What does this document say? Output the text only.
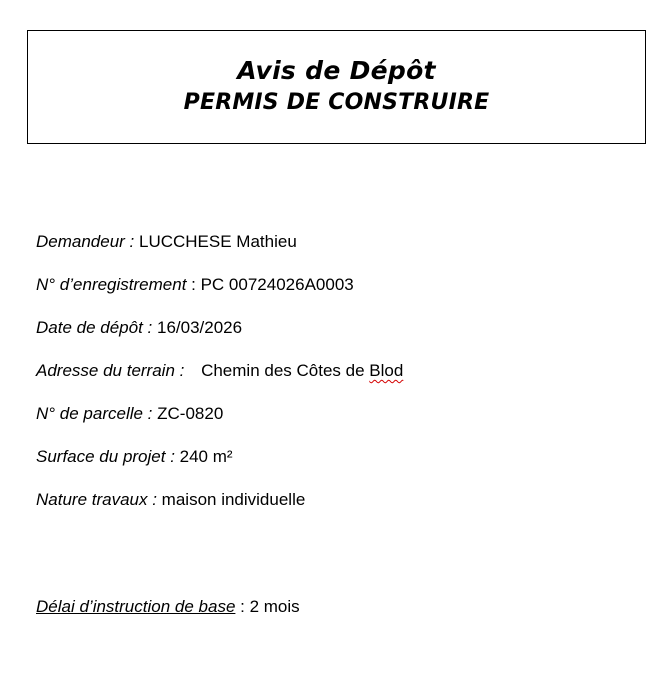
Avis de Dépôt
PERMIS DE CONSTRUIRE
Demandeur : LUCCHESE Mathieu
N° d’enregistrement : PC 00724026A0003
Date de dépôt : 16/03/2026
Adresse du terrain : Chemin des Côtes de Blod
N° de parcelle : ZC-0820
Surface du projet : 240 m²
Nature travaux : maison individuelle
Délai d’instruction de base : 2 mois
